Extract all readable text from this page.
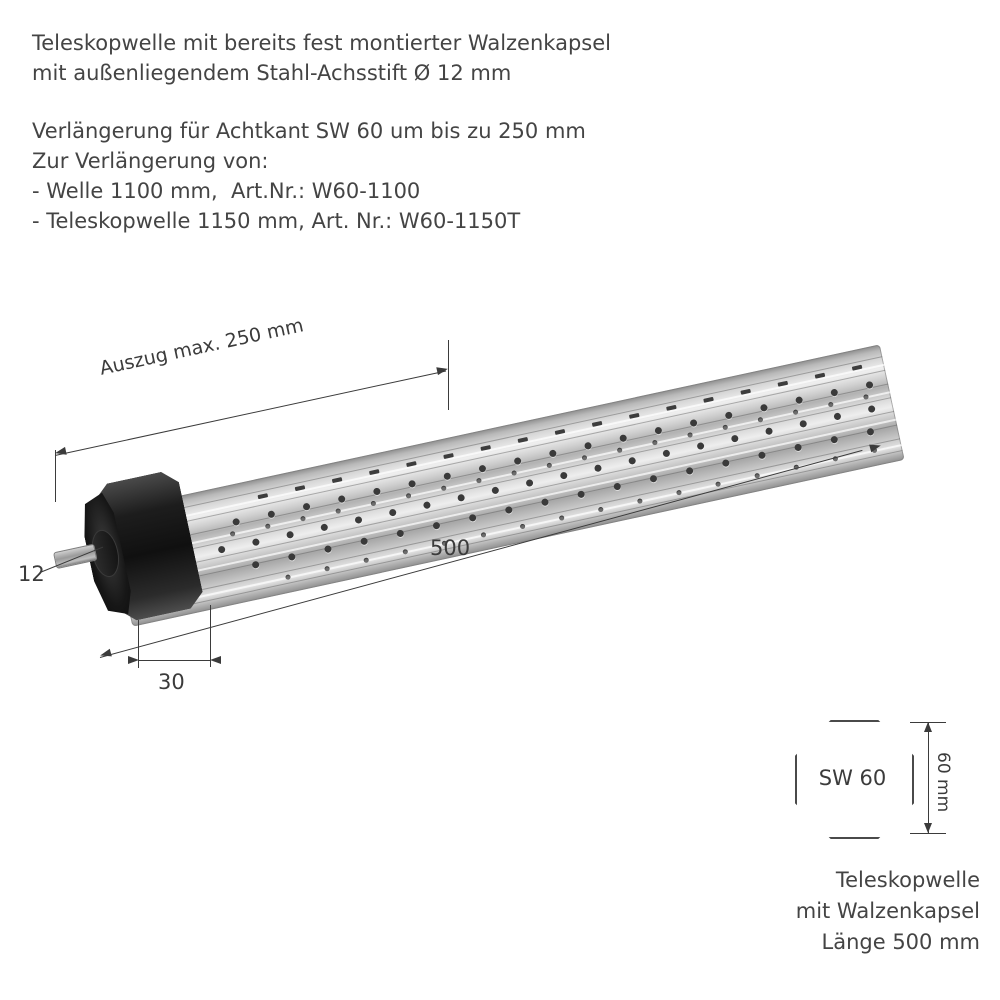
Teleskopwelle mit bereits fest montierter Walzenkapsel
mit außenliegendem Stahl-Achsstift Ø 12 mm
Verlängerung für Achtkant SW 60 um bis zu 250 mm
Zur Verlängerung von:
- Welle 1100 mm,  Art.Nr.: W60-1100
- Teleskopwelle 1150 mm, Art. Nr.: W60-1150T
Auszug max. 250 mm
500
12
30
SW 60	60 mm
Teleskopwelle
mit Walzenkapsel
Länge 500 mm
